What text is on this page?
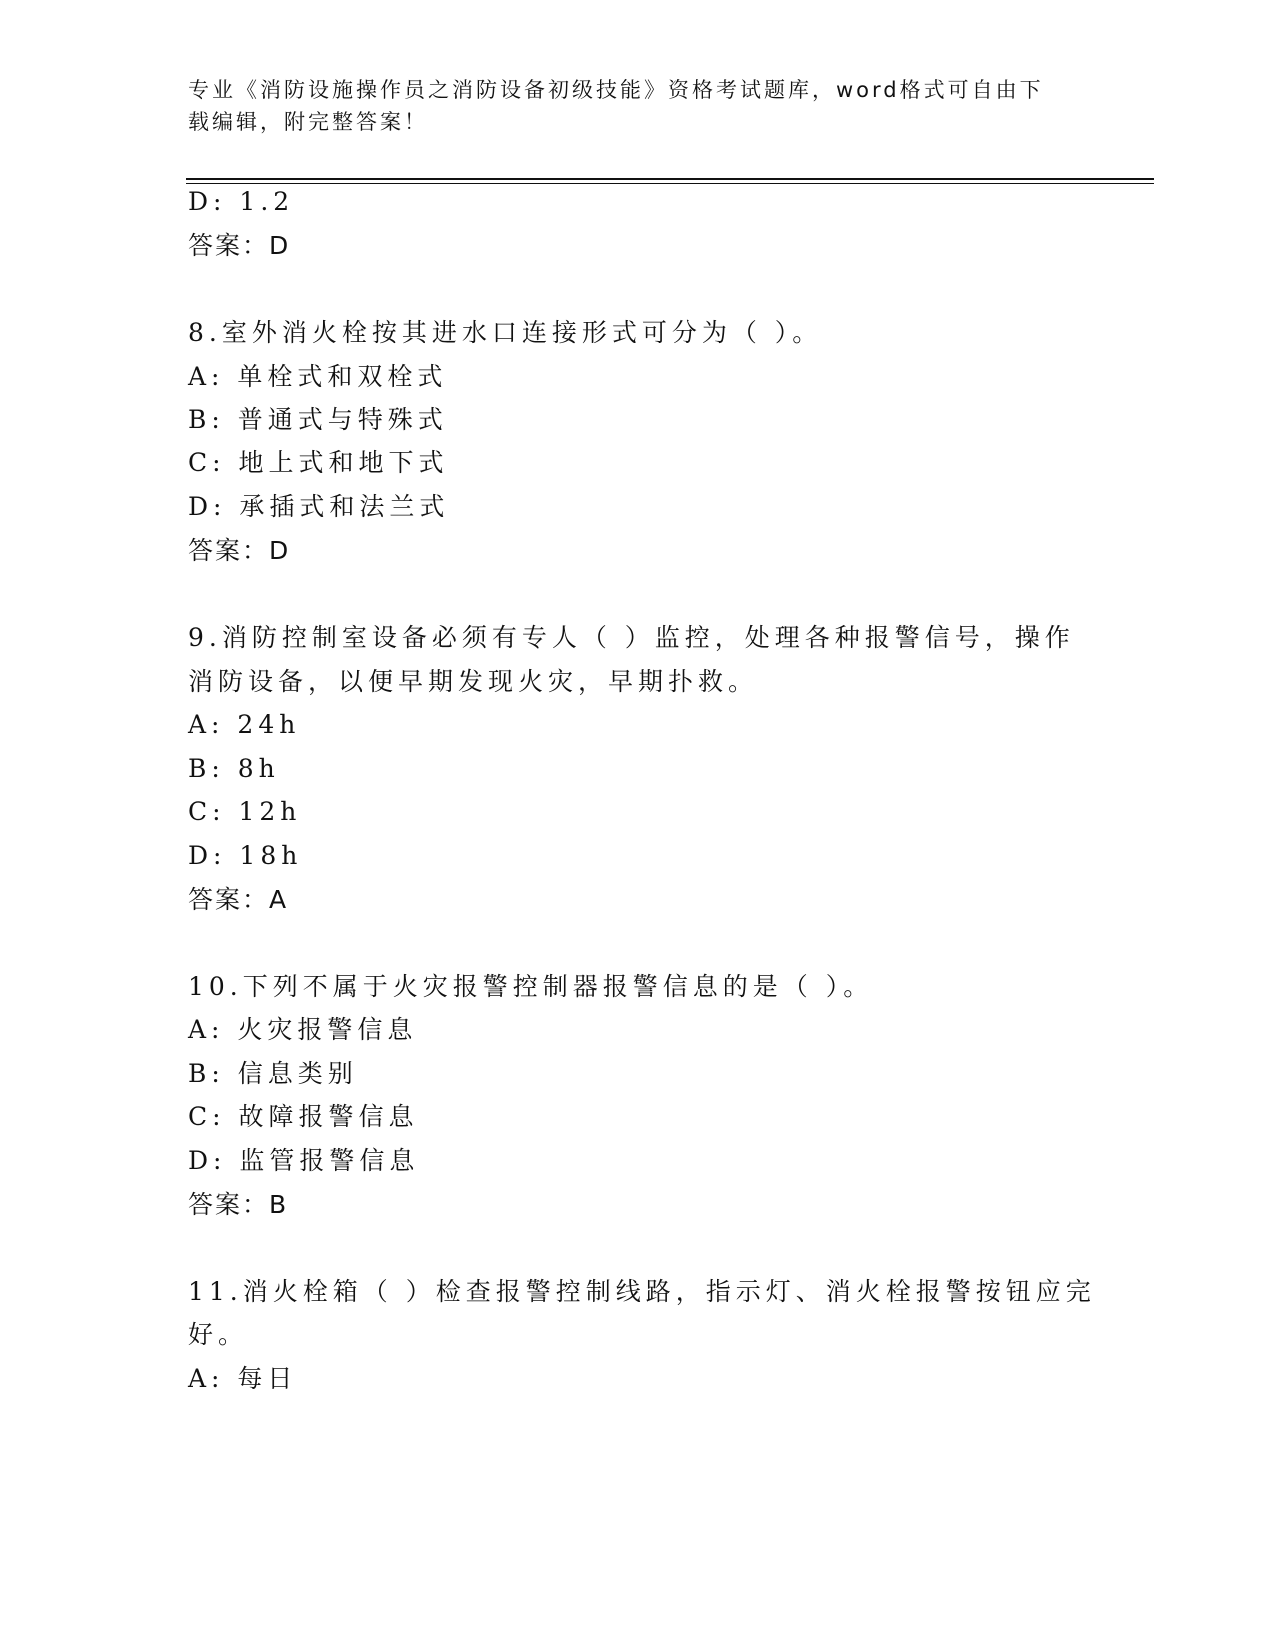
专业《消防设施操作员之消防设备初级技能》资格考试题库，word格式可自由下
载编辑，附完整答案！
D: 1.2
答案：D
8.室外消火栓按其进水口连接形式可分为（ ）。
A: 单栓式和双栓式
B: 普通式与特殊式
C: 地上式和地下式
D: 承插式和法兰式
答案：D
9.消防控制室设备必须有专人（ ）监控，处理各种报警信号，操作
消防设备，以便早期发现火灾，早期扑救。
A: 24h
B: 8h
C: 12h
D: 18h
答案：A
10.下列不属于火灾报警控制器报警信息的是（ ）。
A: 火灾报警信息
B: 信息类别
C: 故障报警信息
D: 监管报警信息
答案：B
11.消火栓箱（ ）检查报警控制线路，指示灯、消火栓报警按钮应完
好。
A: 每日
